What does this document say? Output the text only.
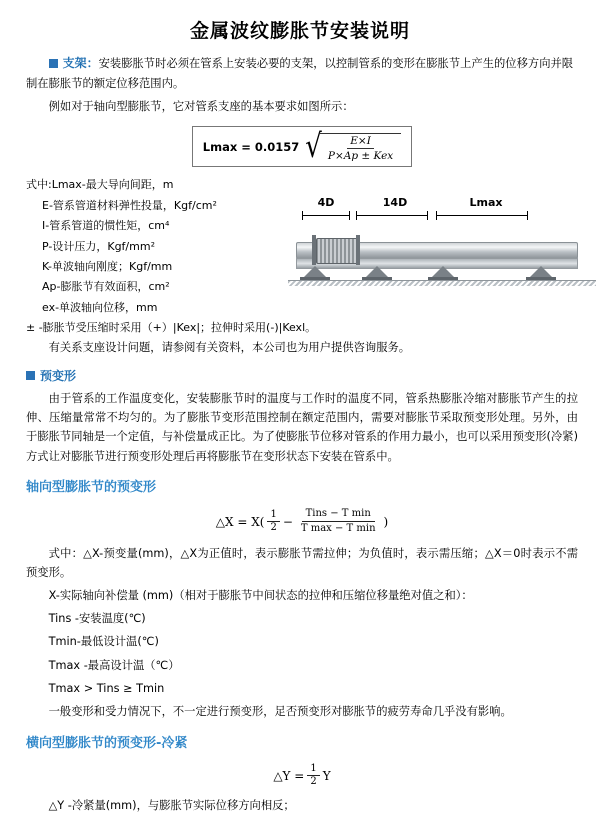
金属波纹膨胀节安装说明

支架：安装膨胀节时必须在管系上安装必要的支架，以控制管系的变形在膨胀节上产生的位移方向并限制在膨胀节的额定位移范围内。

例如对于轴向型膨胀节，它对管系支座的基本要求如图所示：

Lmax = 0.0157 √
$\frac{E\times I}{\text{P×Ap ± Kex}}$
式中:Lmax-最大导向间距，m
E-管系管道材料弹性投量，Kgf/cm²
I-管系管道的惯性矩，cm⁴
P-设计压力，Kgf/mm²
K-单波轴向刚度；Kgf/mm
Ap-膨胀节有效面积，cm²
ex-单波轴向位移，mm
± -膨胀节受压缩时采用（+）|Kex|；拉伸时采用(-)|Kexl。
4D	14D	Lmax

有关系支座设计问题，请参阅有关资料，本公司也为用户提供咨询服务。

预变形

由于管系的工作温度变化，安装膨胀节时的温度与工作时的温度不同，管系热膨胀冷缩对膨胀节产生的拉伸、压缩量常常不均匀的。为了膨胀节变形范围控制在额定范围内，需要对膨胀节采取预变形处理。另外，由于膨胀节同轴是一个定值，与补偿量成正比。为了使膨胀节位移对管系的作用力最小，也可以采用预变形(冷紧)方式让对膨胀节进行预变形处理后再将膨胀节在变形状态下安装在管系中。

轴向型膨胀节的预变形
△X = $X( \frac{1}{2} - \frac{\text{Tins − T min}}{\text{T max − T min}}$ )

式中：△X-预变量(mm)，△X为正值时，表示膨胀节需拉伸；为负值时，表示需压缩；△X＝0时表示不需预变形。

X-实际轴向补偿量 (mm)（相对于膨胀节中间状态的拉伸和压缩位移量绝对值之和）：

Tins -安装温度(℃)

Tmin-最低设计温(℃)

Tmax -最高设计温（℃）

Tmax > Tins ≥ Tmin

一般变形和受力情况下，不一定进行预变形，足否预变形对膨胀节的疲劳寿命几乎没有影响。

横向型膨胀节的预变形-冷紧
△Y = $\frac{1}{2}$ Y

△Y -冷紧量(mm)，与膨胀节实际位移方向相反；
